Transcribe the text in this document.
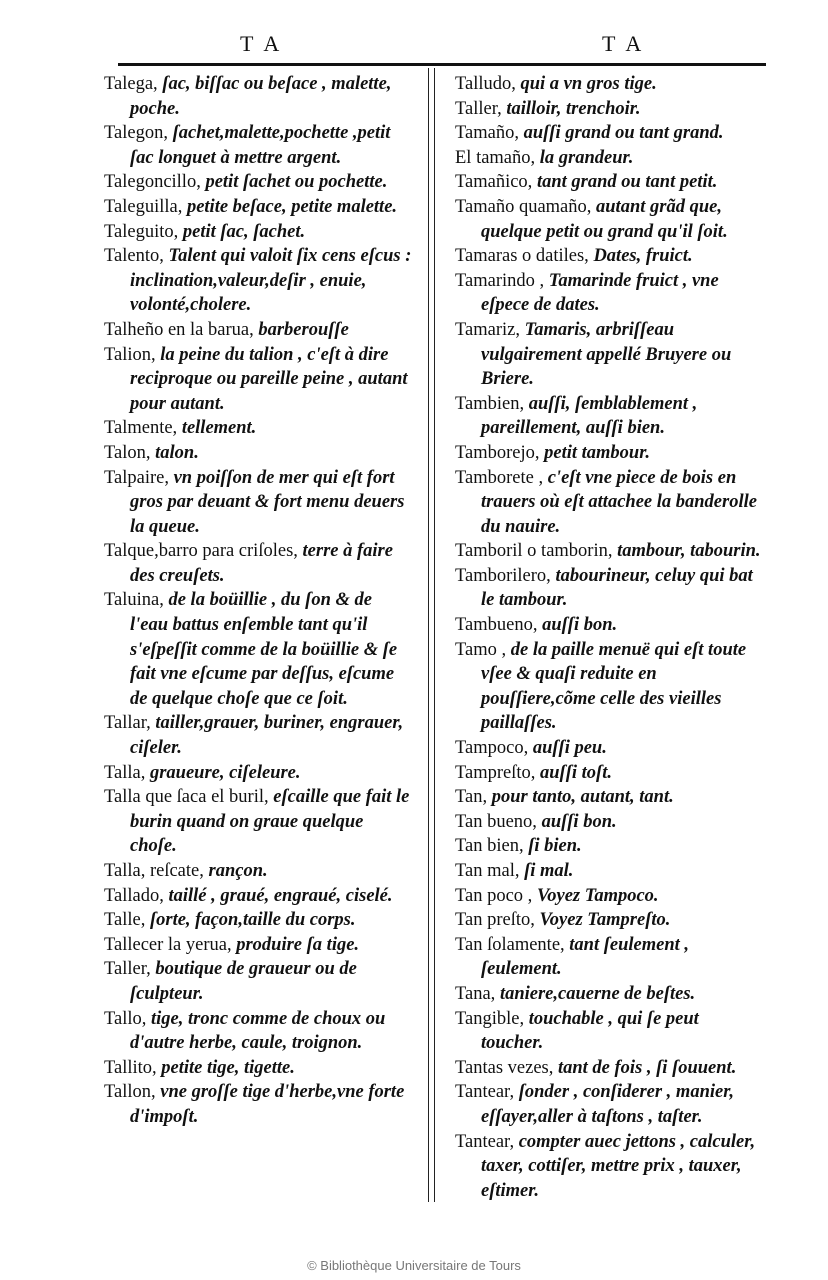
T A	T A

Talega, ſac, biſſac ou beſace , malette, poche.

Talegon, ſachet,malette,pochette ,petit ſac longuet à mettre argent.

Talegoncillo, petit ſachet ou pochette.

Taleguilla, petite beſace, petite malette.

Taleguito, petit ſac, ſachet.

Talento, Talent qui valoit ſix cens eſcus : inclination,valeur,deſir , enuie, volonté,cholere.

Talheño en la barua, barberouſſe

Talion, la peine du talion , c'eſt à dire reciproque ou pareille peine , autant pour autant.

Talmente, tellement.

Talon, talon.

Talpaire, vn poiſſon de mer qui eſt fort gros par deuant & fort menu deuers la queue.

Talque,barro para criſoles, terre à faire des creuſets.

Taluina, de la boüillie , du ſon & de l'eau battus enſemble tant qu'il s'eſpeſſit comme de la boüillie & ſe fait vne eſcume par deſſus, eſcume de quelque choſe que ce ſoit.

Tallar, tailler,grauer, buriner, engrauer, ciſeler.

Talla, graueure, ciſeleure.

Talla que ſaca el buril, eſcaille que fait le burin quand on graue quelque choſe.

Talla, reſcate, rançon.

Tallado, taillé , graué, engraué, ciselé.

Talle, ſorte, façon,taille du corps.

Tallecer la yerua, produire ſa tige.

Taller, boutique de graueur ou de ſculpteur.

Tallo, tige, tronc comme de choux ou d'autre herbe, caule, troignon.

Tallito, petite tige, tigette.

Tallon, vne groſſe tige d'herbe,vne forte d'impoſt.

Talludo, qui a vn gros tige.

Taller, tailloir, trenchoir.

Tamaño, auſſi grand ou tant grand.

El tamaño, la grandeur.

Tamañico, tant grand ou tant petit.

Tamaño quamaño, autant grãd que, quelque petit ou grand qu'il ſoit.

Tamaras o datiles, Dates, fruict.

Tamarindo , Tamarinde fruict , vne eſpece de dates.

Tamariz, Tamaris, arbriſſeau vulgairement appellé Bruyere ou Briere.

Tambien, auſſi, ſemblablement , pareillement, auſſi bien.

Tamborejo, petit tambour.

Tamborete , c'eſt vne piece de bois en trauers où eſt attachee la banderolle du nauire.

Tamboril o tamborin, tambour, tabourin.

Tamborilero, tabourineur, celuy qui bat le tambour.

Tambueno, auſſi bon.

Tamo , de la paille menuë qui eſt toute vſee & quaſi reduite en pouſſiere,cõme celle des vieilles paillaſſes.

Tampoco, auſſi peu.

Tampreſto, auſſi toſt.

Tan, pour tanto, autant, tant.

Tan bueno, auſſi bon.

Tan bien, ſi bien.

Tan mal, ſi mal.

Tan poco , Voyez Tampoco.

Tan preſto, Voyez Tampreſto.

Tan ſolamente, tant ſeulement , ſeulement.

Tana, taniere,cauerne de beſtes.

Tangible, touchable , qui ſe peut toucher.

Tantas vezes, tant de fois , ſi ſouuent.

Tantear, ſonder , conſiderer , manier, eſſayer,aller à taſtons , taſter.

Tantear, compter auec jettons , calculer, taxer, cottiſer, mettre prix , tauxer, eſtimer.

© Bibliothèque Universitaire de Tours
